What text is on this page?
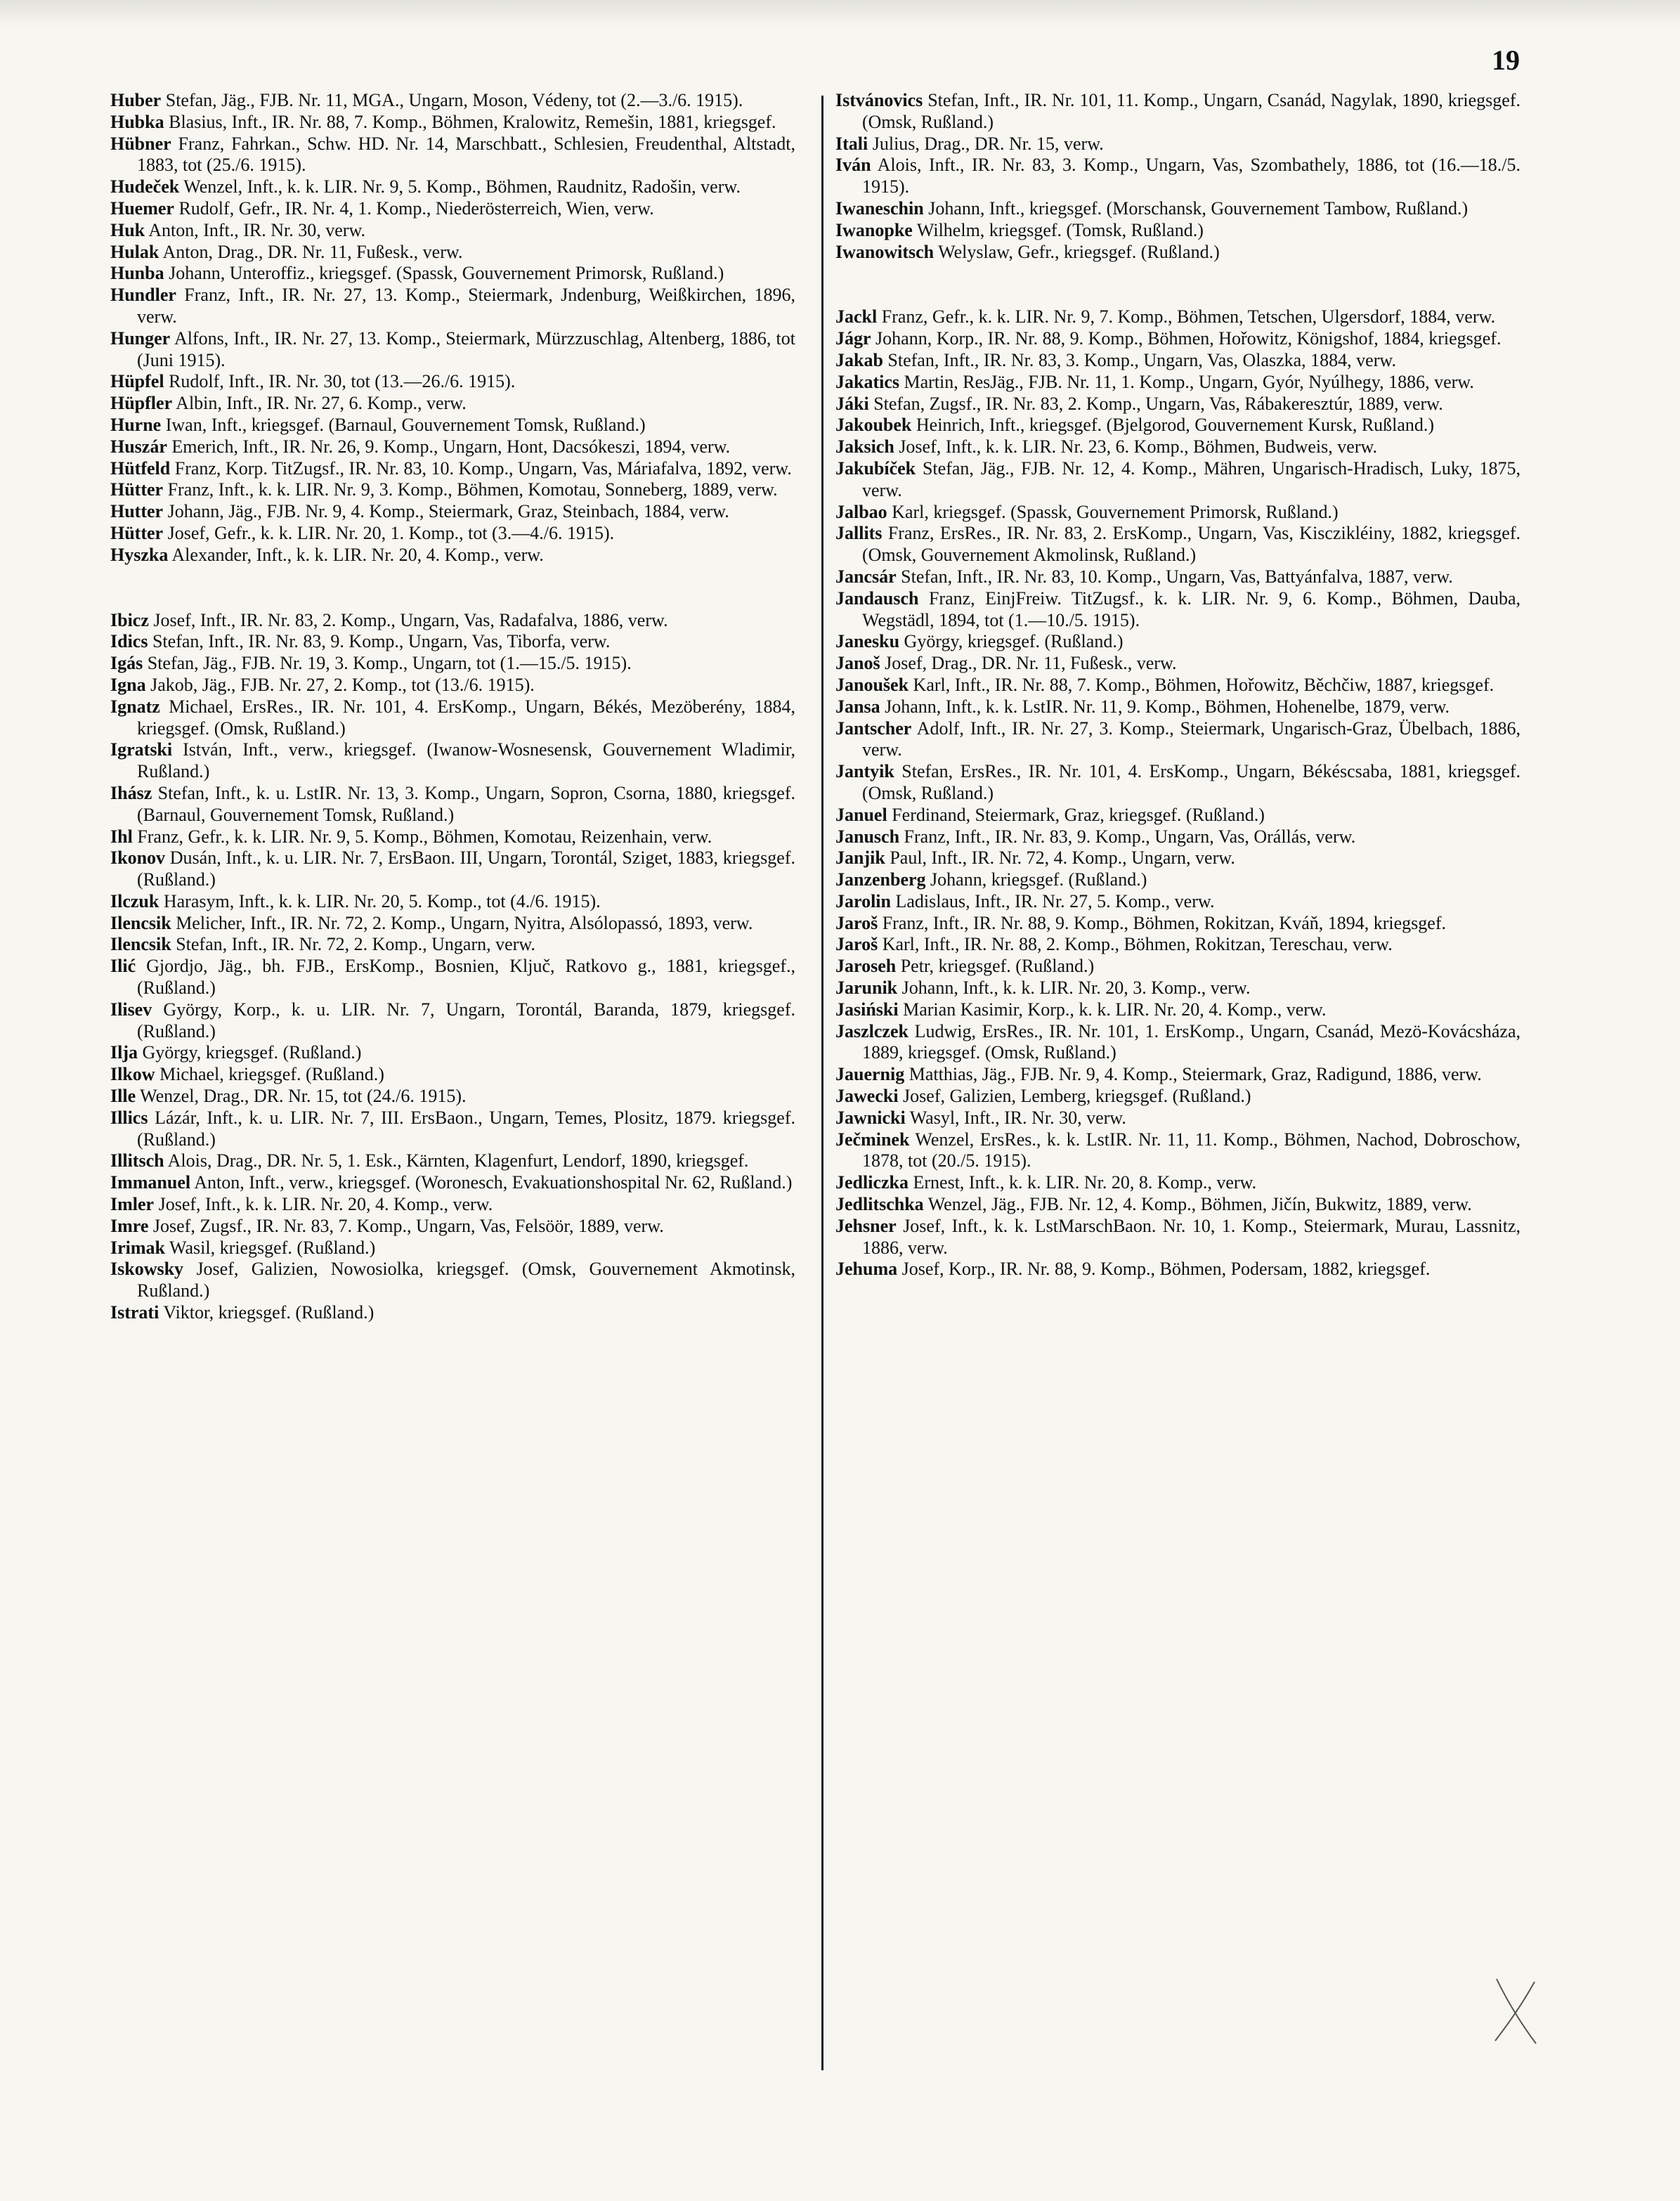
19

Huber Stefan, Jäg., FJB. Nr. 11, MGA., Ungarn, Moson, Védeny, tot (2.—3./6. 1915).

Hubka Blasius, Inft., IR. Nr. 88, 7. Komp., Böhmen, Kralowitz, Remešin, 1881, kriegsgef.

Hübner Franz, Fahrkan., Schw. HD. Nr. 14, Marschbatt., Schlesien, Freudenthal, Altstadt, 1883, tot (25./6. 1915).

Hudeček Wenzel, Inft., k. k. LIR. Nr. 9, 5. Komp., Böhmen, Raudnitz, Radošin, verw.

Huemer Rudolf, Gefr., IR. Nr. 4, 1. Komp., Niederösterreich, Wien, verw.

Huk Anton, Inft., IR. Nr. 30, verw.

Hulak Anton, Drag., DR. Nr. 11, Fußesk., verw.

Hunba Johann, Unteroffiz., kriegsgef. (Spassk, Gouvernement Primorsk, Rußland.)

Hundler Franz, Inft., IR. Nr. 27, 13. Komp., Steiermark, Jndenburg, Weißkirchen, 1896, verw.

Hunger Alfons, Inft., IR. Nr. 27, 13. Komp., Steiermark, Mürzzuschlag, Altenberg, 1886, tot (Juni 1915).

Hüpfel Rudolf, Inft., IR. Nr. 30, tot (13.—26./6. 1915).

Hüpfler Albin, Inft., IR. Nr. 27, 6. Komp., verw.

Hurne Iwan, Inft., kriegsgef. (Barnaul, Gouvernement Tomsk, Rußland.)

Huszár Emerich, Inft., IR. Nr. 26, 9. Komp., Ungarn, Hont, Dacsókeszi, 1894, verw.

Hütfeld Franz, Korp. TitZugsf., IR. Nr. 83, 10. Komp., Ungarn, Vas, Máriafalva, 1892, verw.

Hütter Franz, Inft., k. k. LIR. Nr. 9, 3. Komp., Böhmen, Komotau, Sonneberg, 1889, verw.

Hutter Johann, Jäg., FJB. Nr. 9, 4. Komp., Steiermark, Graz, Steinbach, 1884, verw.

Hütter Josef, Gefr., k. k. LIR. Nr. 20, 1. Komp., tot (3.—4./6. 1915).

Hyszka Alexander, Inft., k. k. LIR. Nr. 20, 4. Komp., verw.

Ibicz Josef, Inft., IR. Nr. 83, 2. Komp., Ungarn, Vas, Radafalva, 1886, verw.

Idics Stefan, Inft., IR. Nr. 83, 9. Komp., Ungarn, Vas, Tiborfa, verw.

Igás Stefan, Jäg., FJB. Nr. 19, 3. Komp., Ungarn, tot (1.—15./5. 1915).

Igna Jakob, Jäg., FJB. Nr. 27, 2. Komp., tot (13./6. 1915).

Ignatz Michael, ErsRes., IR. Nr. 101, 4. ErsKomp., Ungarn, Békés, Mezöberény, 1884, kriegsgef. (Omsk, Rußland.)

Igratski István, Inft., verw., kriegsgef. (Iwanow-Wosnesensk, Gouvernement Wladimir, Rußland.)

Ihász Stefan, Inft., k. u. LstIR. Nr. 13, 3. Komp., Ungarn, Sopron, Csorna, 1880, kriegsgef. (Barnaul, Gouvernement Tomsk, Rußland.)

Ihl Franz, Gefr., k. k. LIR. Nr. 9, 5. Komp., Böhmen, Komotau, Reizenhain, verw.

Ikonov Dusán, Inft., k. u. LIR. Nr. 7, ErsBaon. III, Ungarn, Torontál, Sziget, 1883, kriegsgef. (Rußland.)

Ilczuk Harasym, Inft., k. k. LIR. Nr. 20, 5. Komp., tot (4./6. 1915).

Ilencsik Melicher, Inft., IR. Nr. 72, 2. Komp., Ungarn, Nyitra, Alsólopassó, 1893, verw.

Ilencsik Stefan, Inft., IR. Nr. 72, 2. Komp., Ungarn, verw.

Ilić Gjordjo, Jäg., bh. FJB., ErsKomp., Bosnien, Ključ, Ratkovo g., 1881, kriegsgef., (Rußland.)

Ilisev György, Korp., k. u. LIR. Nr. 7, Ungarn, Torontál, Baranda, 1879, kriegsgef. (Rußland.)

Ilja György, kriegsgef. (Rußland.)

Ilkow Michael, kriegsgef. (Rußland.)

Ille Wenzel, Drag., DR. Nr. 15, tot (24./6. 1915).

Illics Lázár, Inft., k. u. LIR. Nr. 7, III. ErsBaon., Ungarn, Temes, Plositz, 1879. kriegsgef. (Rußland.)

Illitsch Alois, Drag., DR. Nr. 5, 1. Esk., Kärnten, Klagenfurt, Lendorf, 1890, kriegsgef.

Immanuel Anton, Inft., verw., kriegsgef. (Woronesch, Evakuationshospital Nr. 62, Rußland.)

Imler Josef, Inft., k. k. LIR. Nr. 20, 4. Komp., verw.

Imre Josef, Zugsf., IR. Nr. 83, 7. Komp., Ungarn, Vas, Felsöör, 1889, verw.

Irimak Wasil, kriegsgef. (Rußland.)

Iskowsky Josef, Galizien, Nowosiolka, kriegsgef. (Omsk, Gouvernement Akmotinsk, Rußland.)

Istrati Viktor, kriegsgef. (Rußland.)

Istvánovics Stefan, Inft., IR. Nr. 101, 11. Komp., Ungarn, Csanád, Nagylak, 1890, kriegsgef. (Omsk, Rußland.)

Itali Julius, Drag., DR. Nr. 15, verw.

Iván Alois, Inft., IR. Nr. 83, 3. Komp., Ungarn, Vas, Szombathely, 1886, tot (16.—18./5. 1915).

Iwaneschin Johann, Inft., kriegsgef. (Morschansk, Gouvernement Tambow, Rußland.)

Iwanopke Wilhelm, kriegsgef. (Tomsk, Rußland.)

Iwanowitsch Welyslaw, Gefr., kriegsgef. (Rußland.)

Jackl Franz, Gefr., k. k. LIR. Nr. 9, 7. Komp., Böhmen, Tetschen, Ulgersdorf, 1884, verw.

Jágr Johann, Korp., IR. Nr. 88, 9. Komp., Böhmen, Hořowitz, Königshof, 1884, kriegsgef.

Jakab Stefan, Inft., IR. Nr. 83, 3. Komp., Ungarn, Vas, Olaszka, 1884, verw.

Jakatics Martin, ResJäg., FJB. Nr. 11, 1. Komp., Ungarn, Gyór, Nyúlhegy, 1886, verw.

Jáki Stefan, Zugsf., IR. Nr. 83, 2. Komp., Ungarn, Vas, Rábakeresztúr, 1889, verw.

Jakoubek Heinrich, Inft., kriegsgef. (Bjelgorod, Gouvernement Kursk, Rußland.)

Jaksich Josef, Inft., k. k. LIR. Nr. 23, 6. Komp., Böhmen, Budweis, verw.

Jakubíček Stefan, Jäg., FJB. Nr. 12, 4. Komp., Mähren, Ungarisch-Hradisch, Luky, 1875, verw.

Jalbao Karl, kriegsgef. (Spassk, Gouvernement Primorsk, Rußland.)

Jallits Franz, ErsRes., IR. Nr. 83, 2. ErsKomp., Ungarn, Vas, Kisczikléiny, 1882, kriegsgef. (Omsk, Gouvernement Akmolinsk, Rußland.)

Jancsár Stefan, Inft., IR. Nr. 83, 10. Komp., Ungarn, Vas, Battyánfalva, 1887, verw.

Jandausch Franz, EinjFreiw. TitZugsf., k. k. LIR. Nr. 9, 6. Komp., Böhmen, Dauba, Wegstädl, 1894, tot (1.—10./5. 1915).

Janesku György, kriegsgef. (Rußland.)

Janoš Josef, Drag., DR. Nr. 11, Fußesk., verw.

Janoušek Karl, Inft., IR. Nr. 88, 7. Komp., Böhmen, Hořowitz, Běchčiw, 1887, kriegsgef.

Jansa Johann, Inft., k. k. LstIR. Nr. 11, 9. Komp., Böhmen, Hohenelbe, 1879, verw.

Jantscher Adolf, Inft., IR. Nr. 27, 3. Komp., Steiermark, Ungarisch-Graz, Übelbach, 1886, verw.

Jantyik Stefan, ErsRes., IR. Nr. 101, 4. ErsKomp., Ungarn, Békéscsaba, 1881, kriegsgef. (Omsk, Rußland.)

Januel Ferdinand, Steiermark, Graz, kriegsgef. (Rußland.)

Janusch Franz, Inft., IR. Nr. 83, 9. Komp., Ungarn, Vas, Orállás, verw.

Janjik Paul, Inft., IR. Nr. 72, 4. Komp., Ungarn, verw.

Janzenberg Johann, kriegsgef. (Rußland.)

Jarolin Ladislaus, Inft., IR. Nr. 27, 5. Komp., verw.

Jaroš Franz, Inft., IR. Nr. 88, 9. Komp., Böhmen, Rokitzan, Kváň, 1894, kriegsgef.

Jaroš Karl, Inft., IR. Nr. 88, 2. Komp., Böhmen, Rokitzan, Tereschau, verw.

Jaroseh Petr, kriegsgef. (Rußland.)

Jarunik Johann, Inft., k. k. LIR. Nr. 20, 3. Komp., verw.

Jasiński Marian Kasimir, Korp., k. k. LIR. Nr. 20, 4. Komp., verw.

Jaszlczek Ludwig, ErsRes., IR. Nr. 101, 1. ErsKomp., Ungarn, Csanád, Mezö-Kovácsháza, 1889, kriegsgef. (Omsk, Rußland.)

Jauernig Matthias, Jäg., FJB. Nr. 9, 4. Komp., Steiermark, Graz, Radigund, 1886, verw.

Jawecki Josef, Galizien, Lemberg, kriegsgef. (Rußland.)

Jawnicki Wasyl, Inft., IR. Nr. 30, verw.

Ječminek Wenzel, ErsRes., k. k. LstIR. Nr. 11, 11. Komp., Böhmen, Nachod, Dobroschow, 1878, tot (20./5. 1915).

Jedliczka Ernest, Inft., k. k. LIR. Nr. 20, 8. Komp., verw.

Jedlitschka Wenzel, Jäg., FJB. Nr. 12, 4. Komp., Böhmen, Jičín, Bukwitz, 1889, verw.

Jehsner Josef, Inft., k. k. LstMarschBaon. Nr. 10, 1. Komp., Steiermark, Murau, Lassnitz, 1886, verw.

Jehuma Josef, Korp., IR. Nr. 88, 9. Komp., Böhmen, Podersam, 1882, kriegsgef.
